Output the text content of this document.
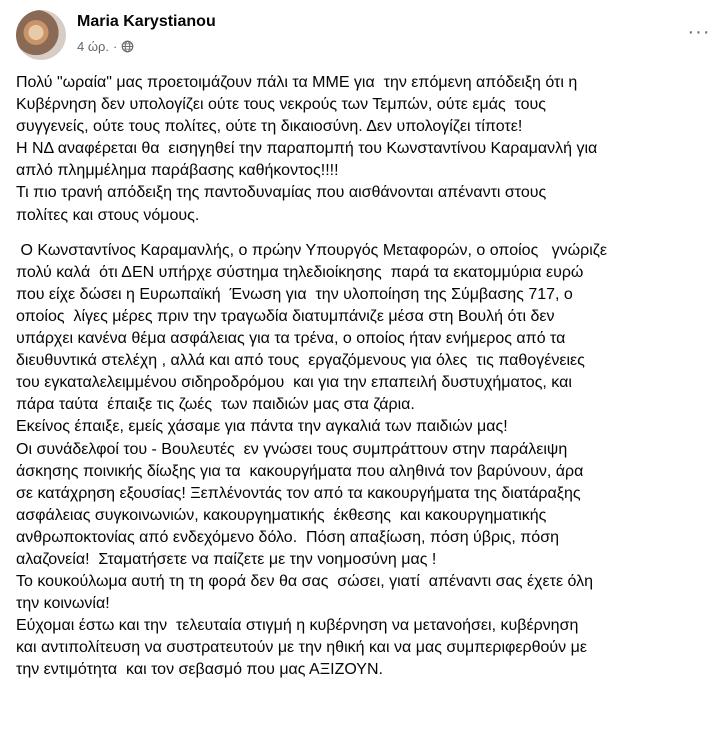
Maria Karystianou
4 ώρ. ·
···
Πολύ "ωραία" μας προετοιμάζουν πάλι τα ΜΜΕ για  την επόμενη απόδειξη ότι η
Κυβέρνηση δεν υπολογίζει ούτε τους νεκρούς των Τεμπών, ούτε εμάς  τους
συγγενείς, ούτε τους πολίτες, ούτε τη δικαιοσύνη. Δεν υπολογίζει τίποτε!
Η ΝΔ αναφέρεται θα  εισηγηθεί την παραπομπή του Κωνσταντίνου Καραμανλή για
απλό πλημμέλημα παράβασης καθήκοντος!!!!
Τι πιο τρανή απόδειξη της παντοδυναμίας που αισθάνονται απέναντι στους
πολίτες και στους νόμους.
Ο Κωνσταντίνος Καραμανλής, ο πρώην Υπουργός Μεταφορών, ο οποίος   γνώριζε
πολύ καλά  ότι ΔΕΝ υπήρχε σύστημα τηλεδιοίκησης  παρά τα εκατομμύρια ευρώ
που είχε δώσει η Ευρωπαϊκή  Ένωση για  την υλοποίηση της Σύμβασης 717, ο
οποίος  λίγες μέρες πριν την τραγωδία διατυμπάνιζε μέσα στη Βουλή ότι δεν
υπάρχει κανένα θέμα ασφάλειας για τα τρένα, ο οποίος ήταν ενήμερος από τα
διευθυντικά στελέχη , αλλά και από τους  εργαζόμενους για όλες  τις παθογένειες
του εγκαταλελειμμένου σιδηροδρόμου  και για την επαπειλή δυστυχήματος, και
πάρα ταύτα  έπαιξε τις ζωές  των παιδιών μας στα ζάρια.
Εκείνος έπαιξε, εμείς χάσαμε για πάντα την αγκαλιά των παιδιών μας!
Οι συνάδελφοί του - Βουλευτές  εν γνώσει τους συμπράττουν στην παράλειψη
άσκησης ποινικής δίωξης για τα  κακουργήματα που αληθινά τον βαρύνουν, άρα
σε κατάχρηση εξουσίας! Ξεπλένοντάς τον από τα κακουργήματα της διατάραξης
ασφάλειας συγκοινωνιών, κακουργηματικής  έκθεσης  και κακουργηματικής
ανθρωποκτονίας από ενδεχόμενο δόλο.  Πόση απαξίωση, πόση ύβρις, πόση
αλαζονεία!  Σταματήσετε να παίζετε με την νοημοσύνη μας !
Το κουκούλωμα αυτή τη τη φορά δεν θα σας  σώσει, γιατί  απέναντι σας έχετε όλη
την κοινωνία!
Εύχομαι έστω και την  τελευταία στιγμή η κυβέρνηση να μετανοήσει, κυβέρνηση
και αντιπολίτευση να συστρατευτούν με την ηθική και να μας συμπεριφερθούν με
την εντιμότητα  και τον σεβασμό που μας ΑΞΙΖΟΥΝ.
